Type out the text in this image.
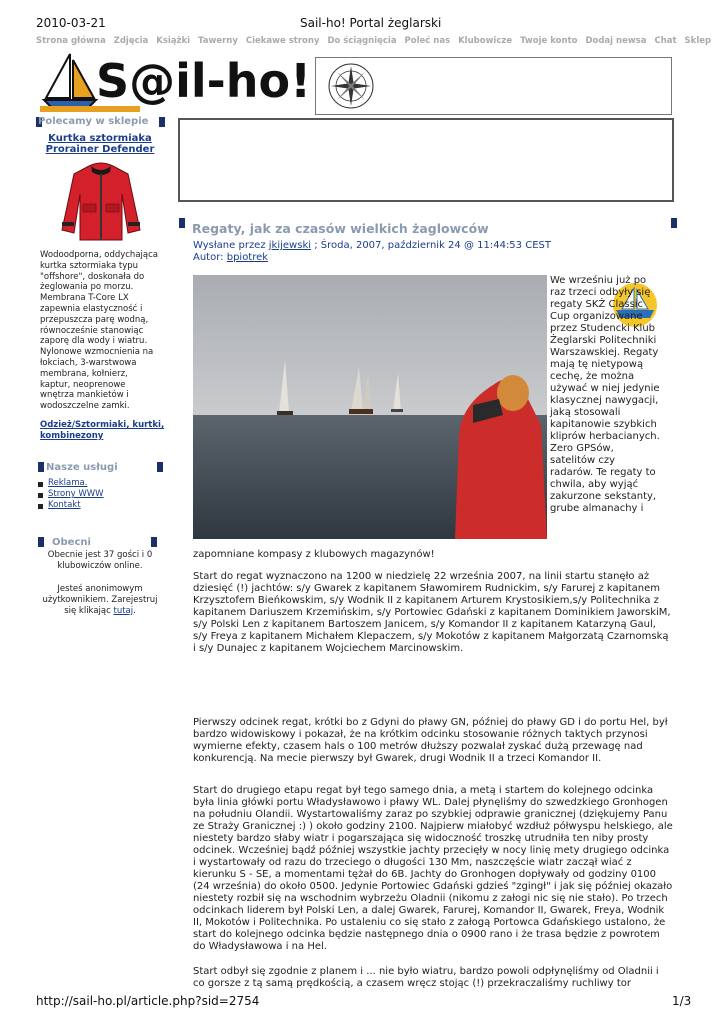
2010-03-21	Sail-ho! Portal żeglarski
Strona główna Zdjęcia Książki Tawerny Ciekawe strony Do ściągnięcia Poleć nas Klubowicze Twoje konto Dodaj newsa Chat Sklep
S@il-ho!
Polecamy w sklepie
Kurtka sztormiaka Prorainer Defender
Wodoodporna, oddychająca kurtka sztormiaka typu "offshore", doskonała do żeglowania po morzu. Membrana T-Core LX zapewnia elastyczność i przepuszcza parę wodną, równocześnie stanowiąc zaporę dla wody i wiatru. Nylonowe wzmocnienia na łokciach, 3-warstwowa membrana, kołnierz, kaptur, neoprenowe wnętrza mankietów i wodoszczelne zamki.
Odzież/Sztormiaki, kurtki, kombinezony
Nasze usługi
Reklama.
Strony WWW
Kontakt
Obecni
Obecnie jest 37 gości i 0 klubowiczów online.
Jesteś anonimowym użytkownikiem. Zarejestruj się klikając tutaj.
Regaty, jak za czasów wielkich żaglowców
Wysłane przez jkijewski ; Środa, 2007, październik 24 @ 11:44:53 CEST
Autor: bpiotrek
We wrześniu już po raz trzeci odbyły się regaty SKŻ Classic Cup organizowane przez Studencki Klub Żeglarski Politechniki Warszawskiej. Regaty mają tę nietypową cechę, że można używać w niej jedynie klasycznej nawygacji, jaką stosowali kapitanowie szybkich kliprów herbacianych. Zero GPSów, satelitów czy radarów. Te regaty to chwila, aby wyjąć zakurzone sekstanty, grube almanachy i
zapomniane kompasy z klubowych magazynów!

Start do regat wyznaczono na 1200 w niedzielę 22 września 2007, na linii startu stanęło aż dziesięć (!) jachtów: s/y Gwarek z kapitanem Sławomirem Rudnickim, s/y Farurej z kapitanem Krzysztofem Bieńkowskim, s/y Wodnik II z kapitanem Arturem Krystosikiem,s/y Politechnika z kapitanem Dariuszem Krzemińskim, s/y Portowiec Gdański z kapitanem Dominikiem JaworskiM, s/y Polski Len z kapitanem Bartoszem Janicem, s/y Komandor II z kapitanem Katarzyną Gaul, s/y Freya z kapitanem Michałem Klepaczem, s/y Mokotów z kapitanem Małgorzatą Czarnomską i s/y Dunajec z kapitanem Wojciechem Marcinowskim.

Pierwszy odcinek regat, krótki bo z Gdyni do pławy GN, później do pławy GD i do portu Hel, był bardzo widowiskowy i pokazał, że na krótkim odcinku stosowanie różnych taktych przynosi wymierne efekty, czasem hals o 100 metrów dłuższy pozwalał zyskać dużą przewagę nad konkurencją. Na mecie pierwszy był Gwarek, drugi Wodnik II a trzeci Komandor II.

Start do drugiego etapu regat był tego samego dnia, a metą i startem do kolejnego odcinka była linia główki portu Władysławowo i pławy WL. Dalej płynęliśmy do szwedzkiego Gronhogen na południu Olandii. Wystartowaliśmy zaraz po szybkiej odprawie granicznej (dziękujemy Panu ze Straży Granicznej :) ) około godziny 2100. Najpierw miałobyć wzdłuż półwyspu helskiego, ale niestety bardzo słaby wiatr i pogarszająca się widoczność troszkę utrudniła ten niby prosty odcinek. Wcześniej bądź później wszystkie jachty przecięły w nocy linię mety drugiego odcinka i wystartowały od razu do trzeciego o długości 130 Mm, naszczęście wiatr zaczął wiać z kierunku S - SE, a momentami tężał do 6B. Jachty do Gronhogen dopływały od godziny 0100 (24 września) do około 0500. Jedynie Portowiec Gdański gdzieś "zgingł" i jak się później okazało niestety rozbił się na wschodnim wybrzeżu Oladnii (nikomu z załogi nic się nie stało). Po trzech odcinkach liderem był Polski Len, a dalej Gwarek, Farurej, Komandor II, Gwarek, Freya, Wodnik II, Mokotów i Politechnika. Po ustaleniu co się stało z załogą Portowca Gdańskiego ustalono, że start do kolejnego odcinka będzie następnego dnia o 0900 rano i że trasa będzie z powrotem do Władysławowa i na Hel.

Start odbył się zgodnie z planem i ... nie było wiatru, bardzo powoli odpłynęliśmy od Oladnii i co gorsze z tą samą prędkością, a czasem wręcz stojąc (!) przekraczaliśmy ruchliwy tor

http://sail-ho.pl/article.php?sid=2754	1/3
